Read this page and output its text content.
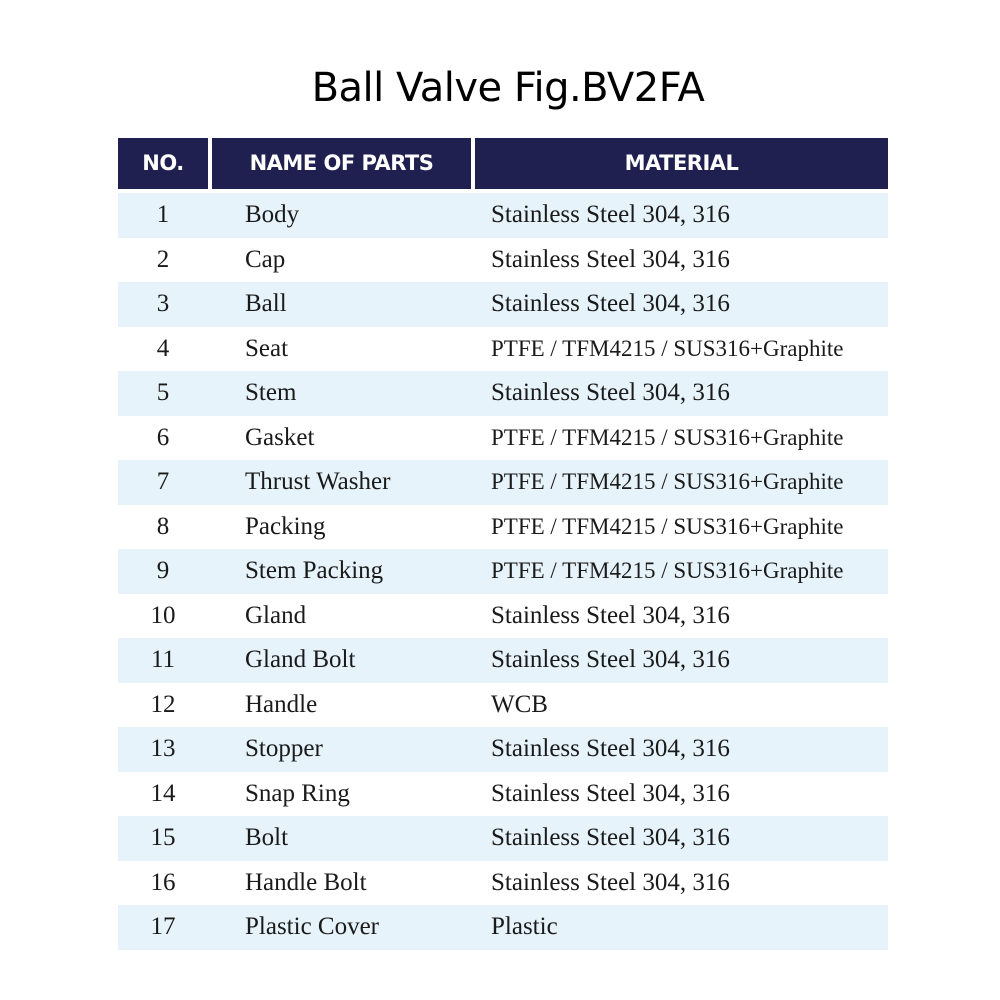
Ball Valve Fig.BV2FA
NO.	NAME OF PARTS	MATERIAL
1	Body	Stainless Steel 304, 316
2	Cap	Stainless Steel 304, 316
3	Ball	Stainless Steel 304, 316
4	Seat	PTFE / TFM4215 / SUS316+Graphite
5	Stem	Stainless Steel 304, 316
6	Gasket	PTFE / TFM4215 / SUS316+Graphite
7	Thrust Washer	PTFE / TFM4215 / SUS316+Graphite
8	Packing	PTFE / TFM4215 / SUS316+Graphite
9	Stem Packing	PTFE / TFM4215 / SUS316+Graphite
10	Gland	Stainless Steel 304, 316
11	Gland Bolt	Stainless Steel 304, 316
12	Handle	WCB
13	Stopper	Stainless Steel 304, 316
14	Snap Ring	Stainless Steel 304, 316
15	Bolt	Stainless Steel 304, 316
16	Handle Bolt	Stainless Steel 304, 316
17	Plastic Cover	Plastic
